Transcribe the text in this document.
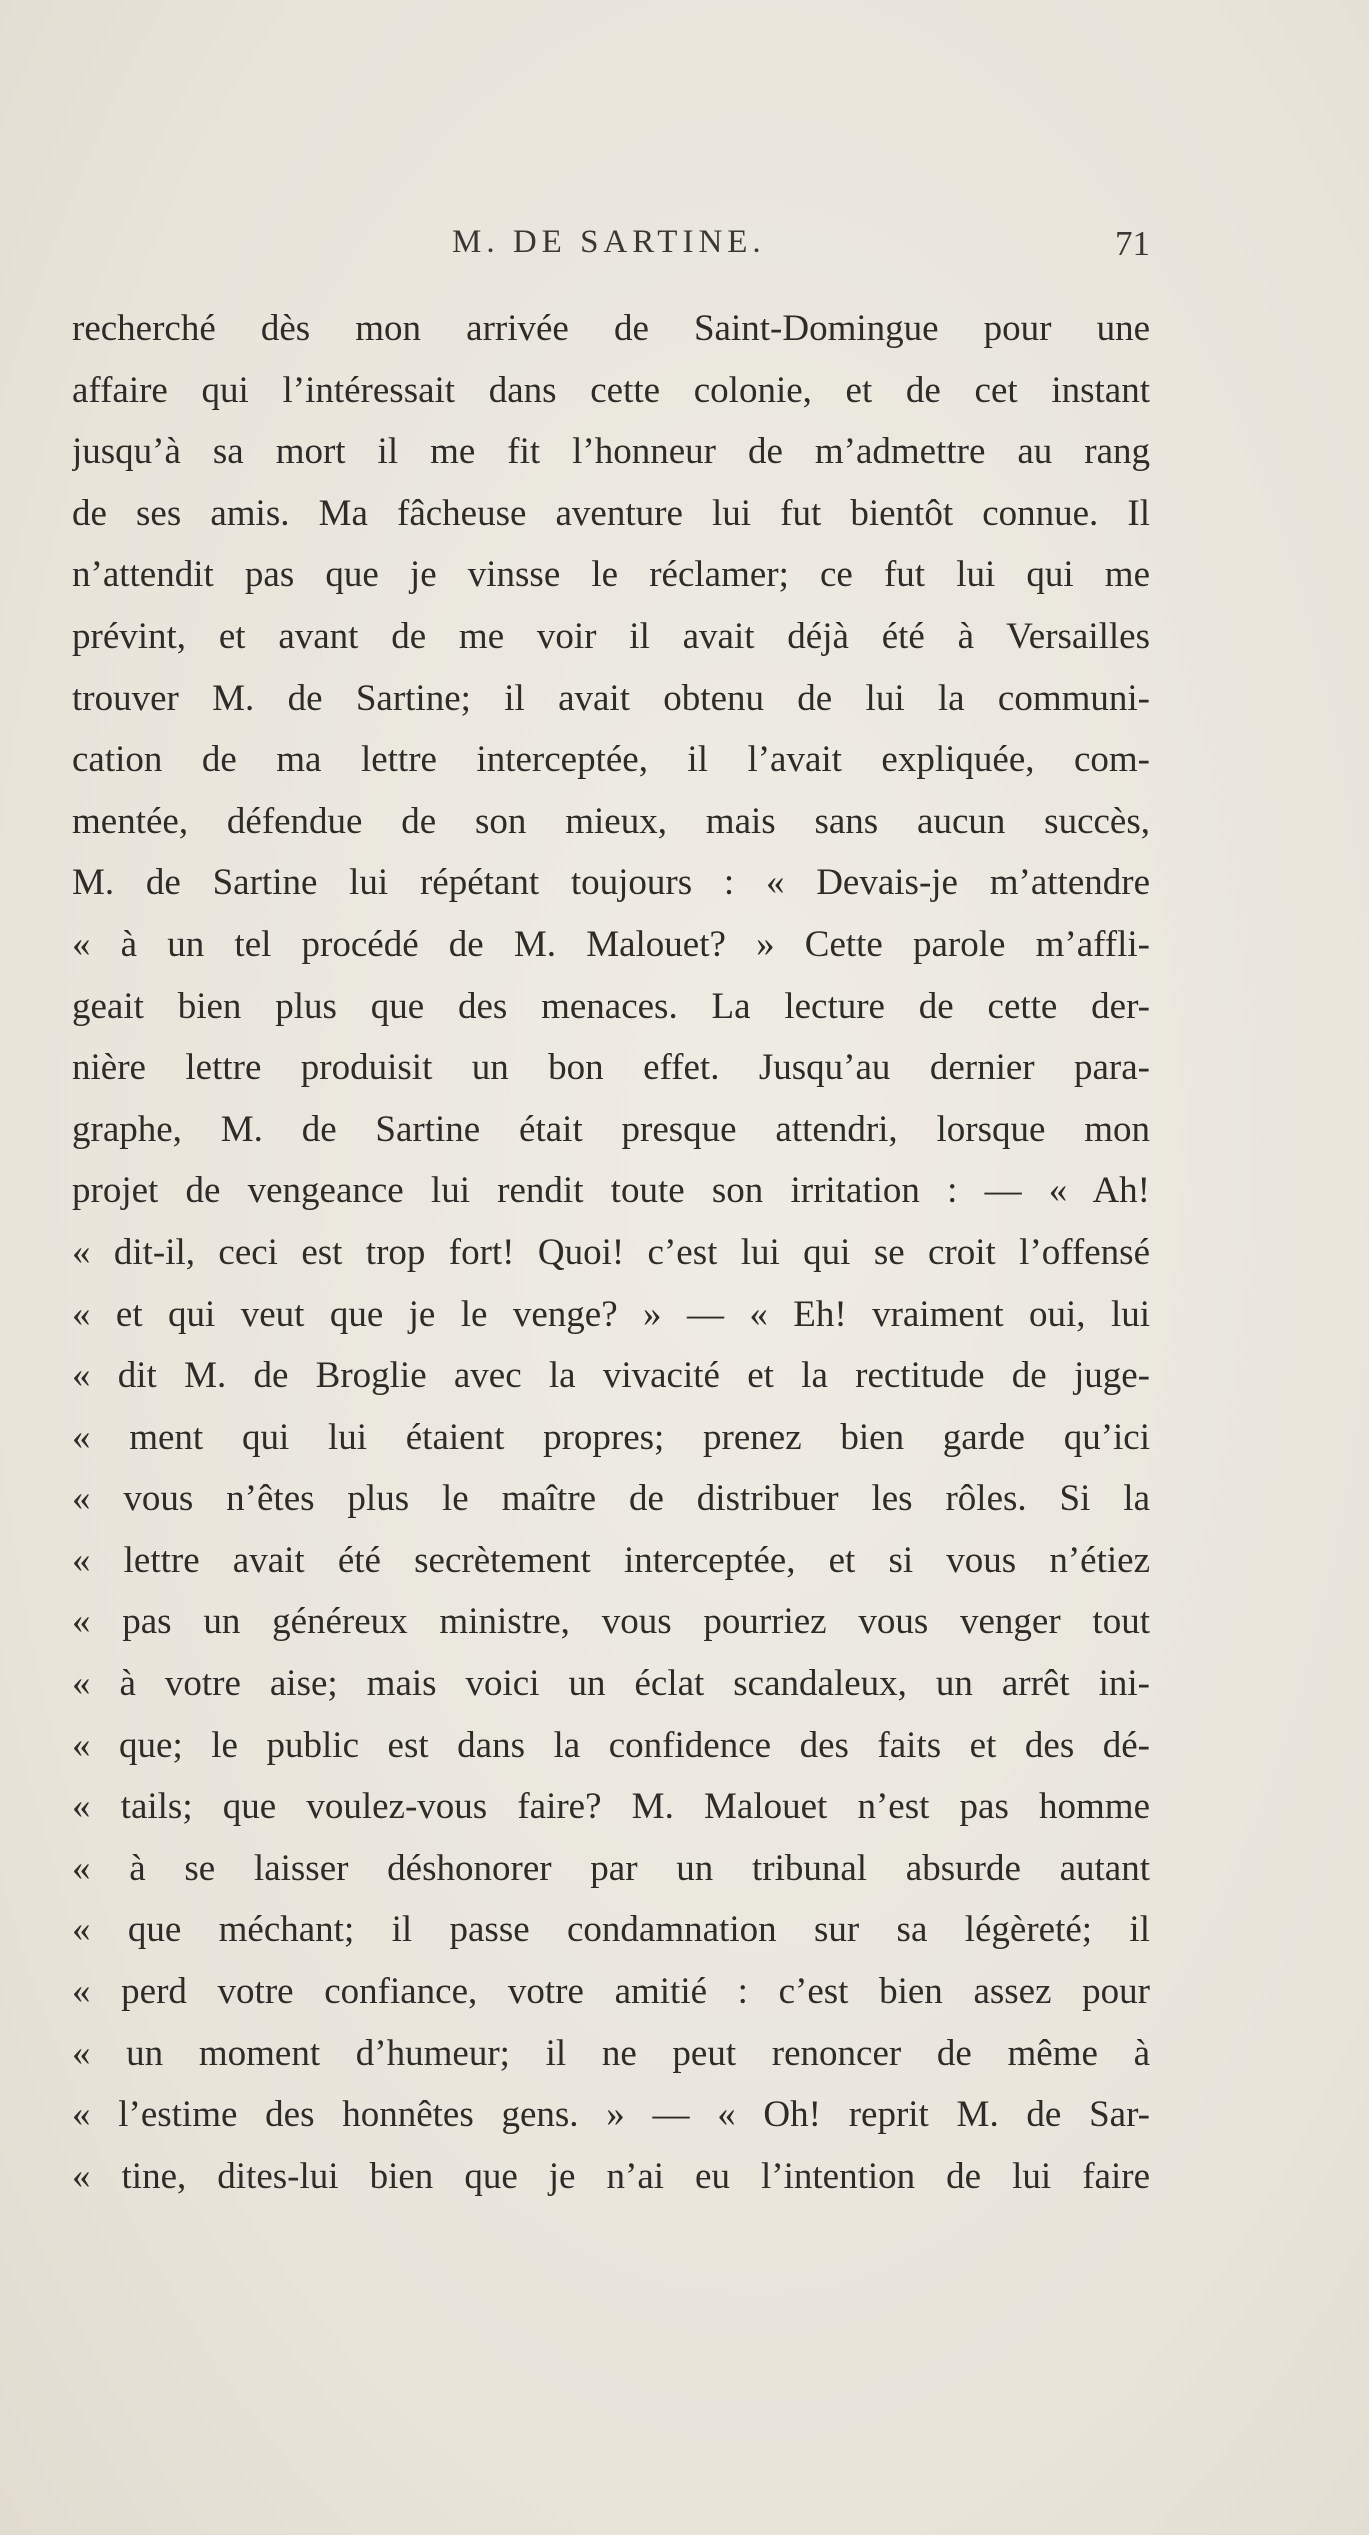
M. DE SARTINE.	71
recherché dès mon arrivée de Saint-Domingue pour une
affaire qui l’intéressait dans cette colonie, et de cet instant
jusqu’à sa mort il me fit l’honneur de m’admettre au rang
de ses amis. Ma fâcheuse aventure lui fut bientôt connue. Il
n’attendit pas que je vinsse le réclamer; ce fut lui qui me
prévint, et avant de me voir il avait déjà été à Versailles
trouver M. de Sartine; il avait obtenu de lui la communi-
cation de ma lettre interceptée, il l’avait expliquée, com-
mentée, défendue de son mieux, mais sans aucun succès,
M. de Sartine lui répétant toujours : « Devais-je m’attendre
« à un tel procédé de M. Malouet? » Cette parole m’affli-
geait bien plus que des menaces. La lecture de cette der-
nière lettre produisit un bon effet. Jusqu’au dernier para-
graphe, M. de Sartine était presque attendri, lorsque mon
projet de vengeance lui rendit toute son irritation : — « Ah!
« dit-il, ceci est trop fort! Quoi! c’est lui qui se croit l’offensé
« et qui veut que je le venge? » — « Eh! vraiment oui, lui
« dit M. de Broglie avec la vivacité et la rectitude de juge-
« ment qui lui étaient propres; prenez bien garde qu’ici
« vous n’êtes plus le maître de distribuer les rôles. Si la
« lettre avait été secrètement interceptée, et si vous n’étiez
« pas un généreux ministre, vous pourriez vous venger tout
« à votre aise; mais voici un éclat scandaleux, un arrêt ini-
« que; le public est dans la confidence des faits et des dé-
« tails; que voulez-vous faire? M. Malouet n’est pas homme
« à se laisser déshonorer par un tribunal absurde autant
« que méchant; il passe condamnation sur sa légèreté; il
« perd votre confiance, votre amitié : c’est bien assez pour
« un moment d’humeur; il ne peut renoncer de même à
« l’estime des honnêtes gens. » — « Oh! reprit M. de Sar-
« tine, dites-lui bien que je n’ai eu l’intention de lui faire
